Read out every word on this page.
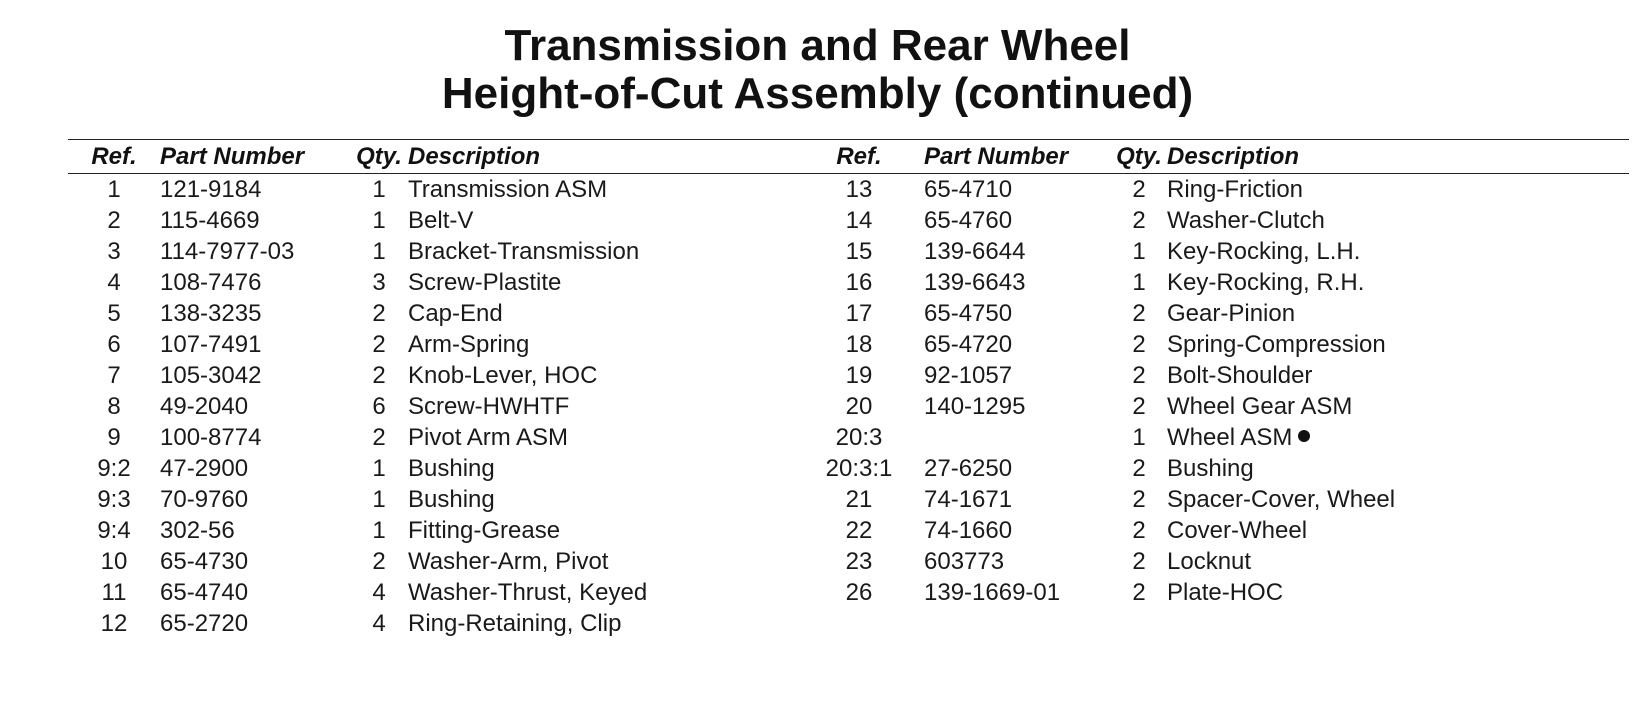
Transmission and Rear Wheel
Height-of-Cut Assembly (continued)
Ref.	Part Number	Qty.	Description
1	121-9184	1	Transmission ASM
2	115-4669	1	Belt-V
3	114-7977-03	1	Bracket-Transmission
4	108-7476	3	Screw-Plastite
5	138-3235	2	Cap-End
6	107-7491	2	Arm-Spring
7	105-3042	2	Knob-Lever, HOC
8	49-2040	6	Screw-HWHTF
9	100-8774	2	Pivot Arm ASM
9:2	47-2900	1	Bushing
9:3	70-9760	1	Bushing
9:4	302-56	1	Fitting-Grease
10	65-4730	2	Washer-Arm, Pivot
11	65-4740	4	Washer-Thrust, Keyed
12	65-2720	4	Ring-Retaining, Clip
Ref.	Part Number	Qty.	Description
13	65-4710	2	Ring-Friction
14	65-4760	2	Washer-Clutch
15	139-6644	1	Key-Rocking, L.H.
16	139-6643	1	Key-Rocking, R.H.
17	65-4750	2	Gear-Pinion
18	65-4720	2	Spring-Compression
19	92-1057	2	Bolt-Shoulder
20	140-1295	2	Wheel Gear ASM
20:3		1	Wheel ASM
20:3:1	27-6250	2	Bushing
21	74-1671	2	Spacer-Cover, Wheel
22	74-1660	2	Cover-Wheel
23	603773	2	Locknut
26	139-1669-01	2	Plate-HOC
